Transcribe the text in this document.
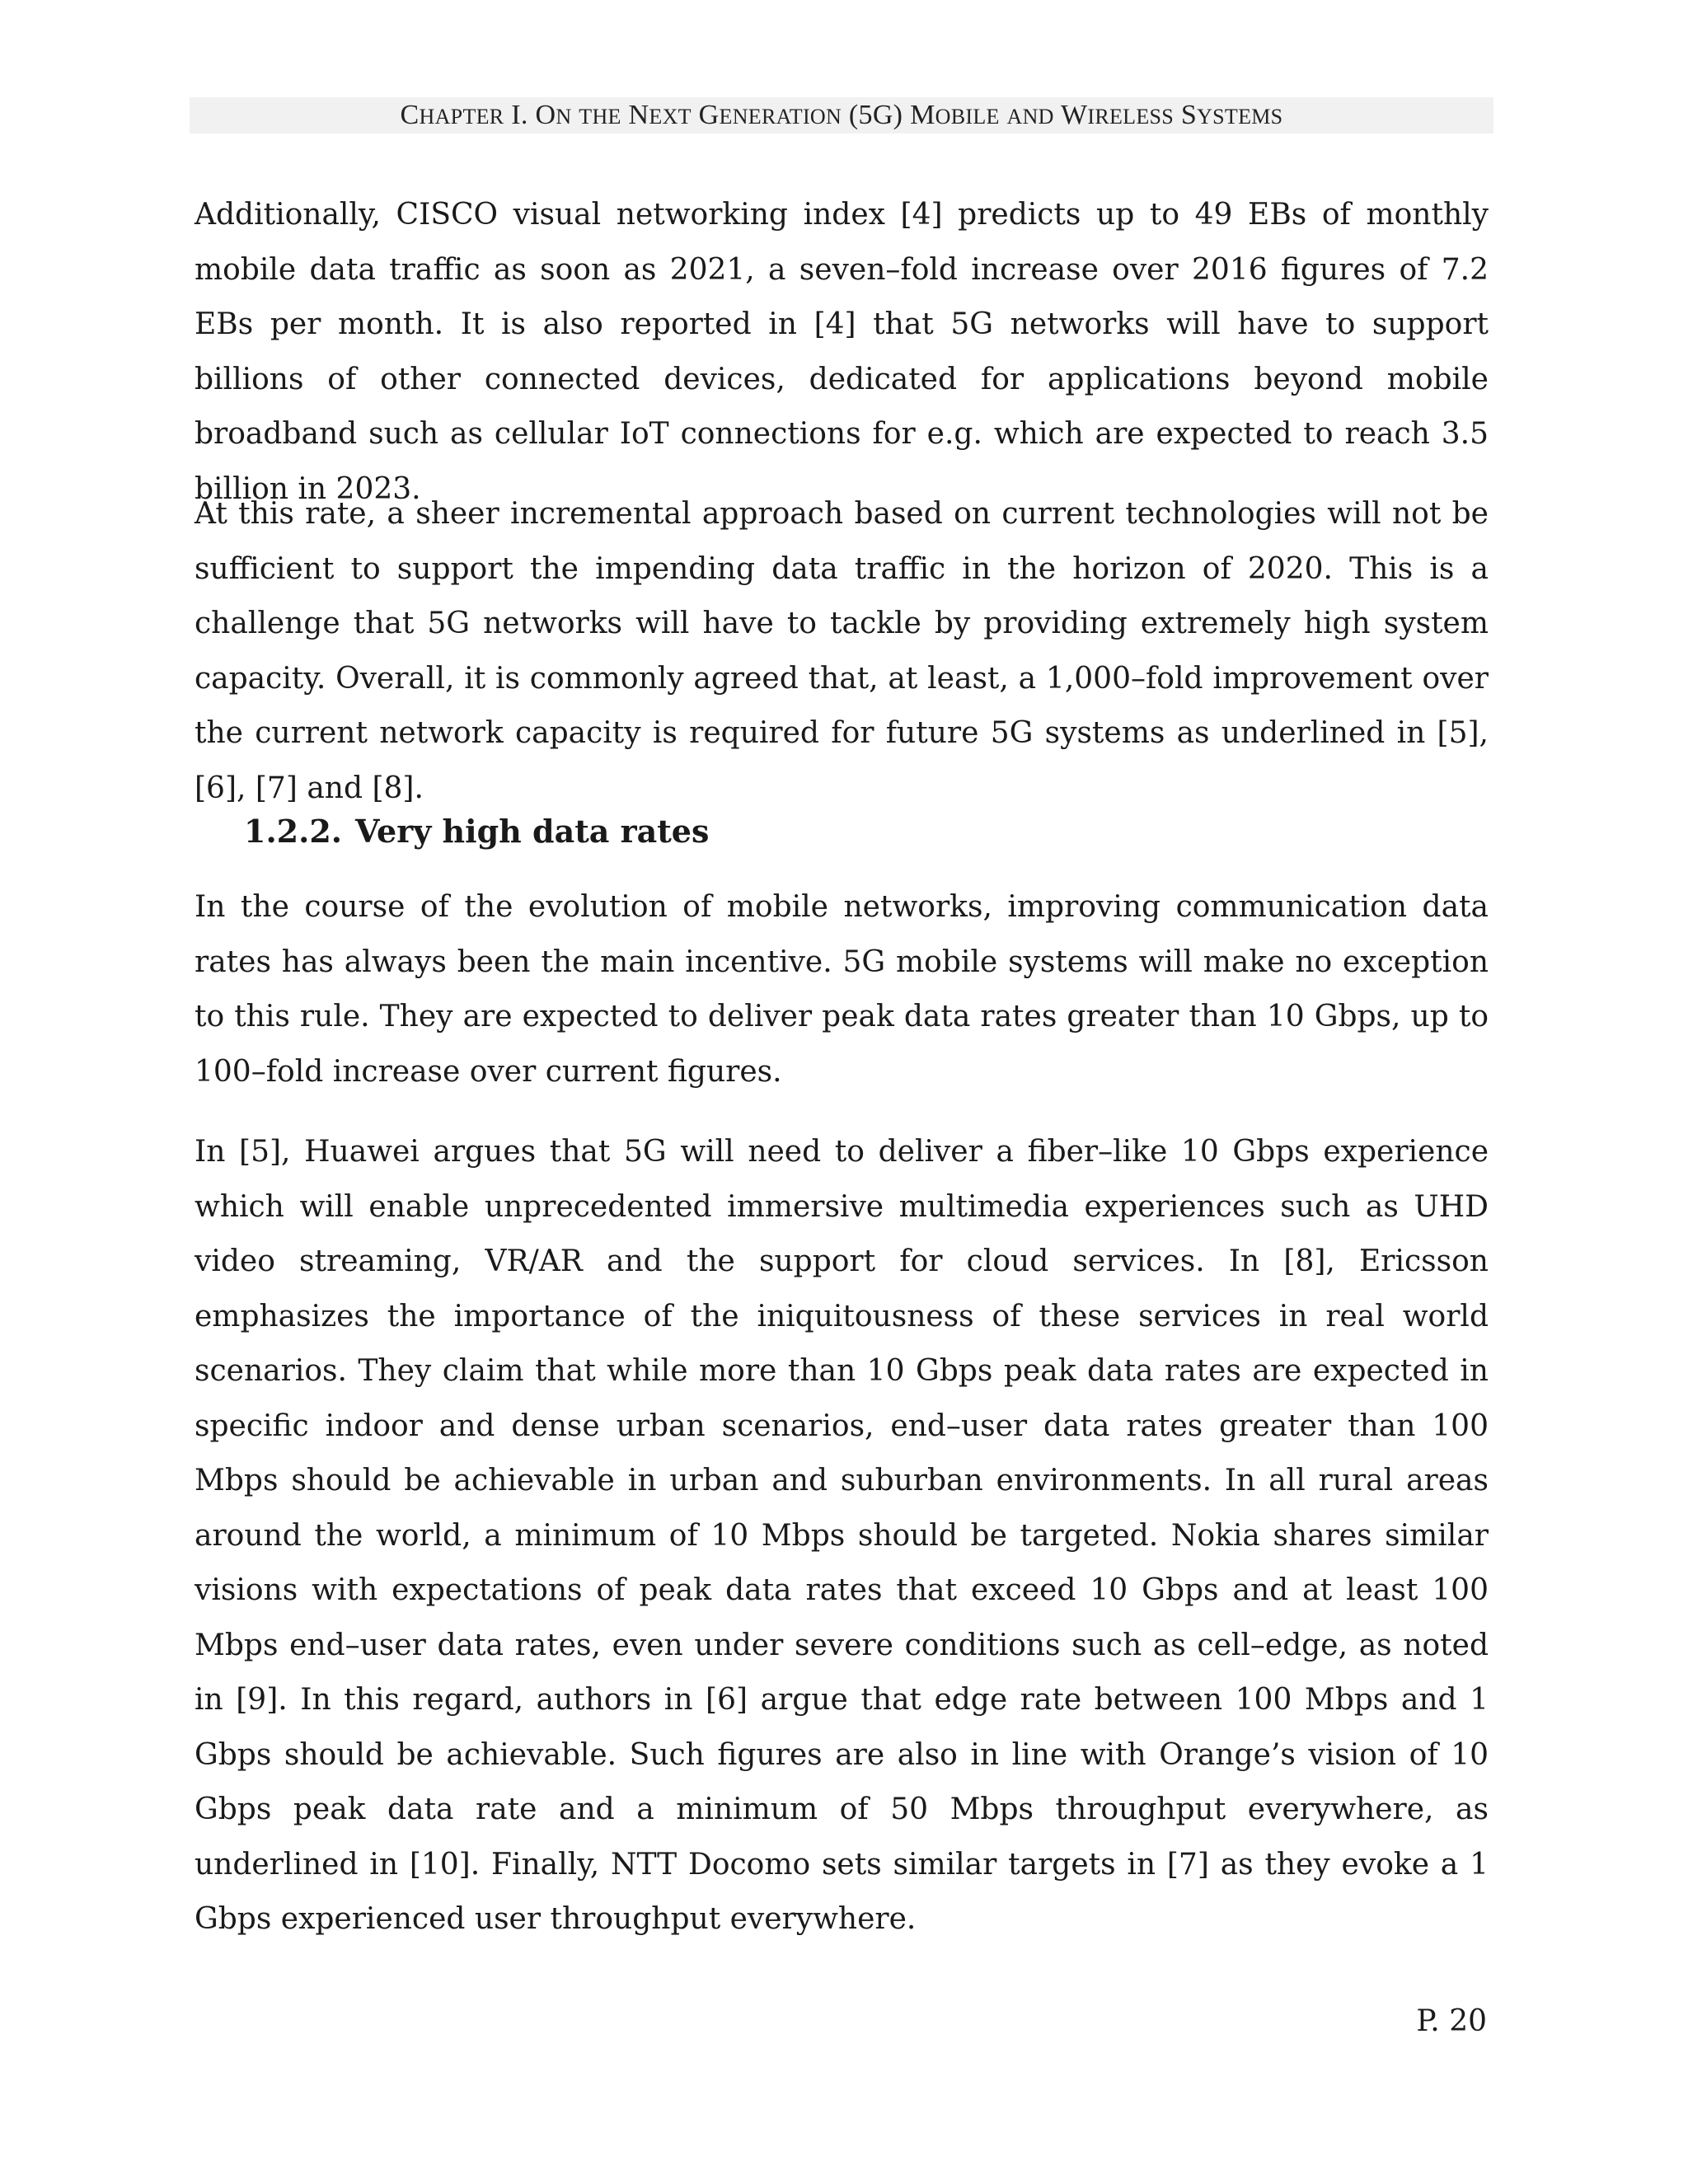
CHAPTER I. ON THE NEXT GENERATION (5G) MOBILE AND WIRELESS SYSTEMS

Additionally, CISCO visual networking index [4] predicts up to 49 EBs of monthly mobile data traffic as soon as 2021, a seven–fold increase over 2016 figures of 7.2 EBs per month. It is also reported in [4] that 5G networks will have to support billions of other connected devices, dedicated for applications beyond mobile broadband such as cellular IoT connections for e.g. which are expected to reach 3.5 billion in 2023.

At this rate, a sheer incremental approach based on current technologies will not be sufficient to support the impending data traffic in the horizon of 2020. This is a challenge that 5G networks will have to tackle by providing extremely high system capacity. Overall, it is commonly agreed that, at least, a 1,000–fold improvement over the current network capacity is required for future 5G systems as underlined in [5], [6], [7] and [8].

1.2.2. Very high data rates

In the course of the evolution of mobile networks, improving communication data rates has always been the main incentive. 5G mobile systems will make no exception to this rule. They are expected to deliver peak data rates greater than 10 Gbps, up to 100–fold increase over current figures.

In [5], Huawei argues that 5G will need to deliver a fiber–like 10 Gbps experience which will enable unprecedented immersive multimedia experiences such as UHD video streaming, VR/AR and the support for cloud services. In [8], Ericsson emphasizes the importance of the iniquitousness of these services in real world scenarios. They claim that while more than 10 Gbps peak data rates are expected in specific indoor and dense urban scenarios, end–user data rates greater than 100 Mbps should be achievable in urban and suburban environments. In all rural areas around the world, a minimum of 10 Mbps should be targeted. Nokia shares similar visions with expectations of peak data rates that exceed 10 Gbps and at least 100 Mbps end–user data rates, even under severe conditions such as cell–edge, as noted in [9]. In this regard, authors in [6] argue that edge rate between 100 Mbps and 1 Gbps should be achievable. Such figures are also in line with Orange’s vision of 10 Gbps peak data rate and a minimum of 50 Mbps throughput everywhere, as underlined in [10]. Finally, NTT Docomo sets similar targets in [7] as they evoke a 1 Gbps experienced user throughput everywhere.

P. 20
